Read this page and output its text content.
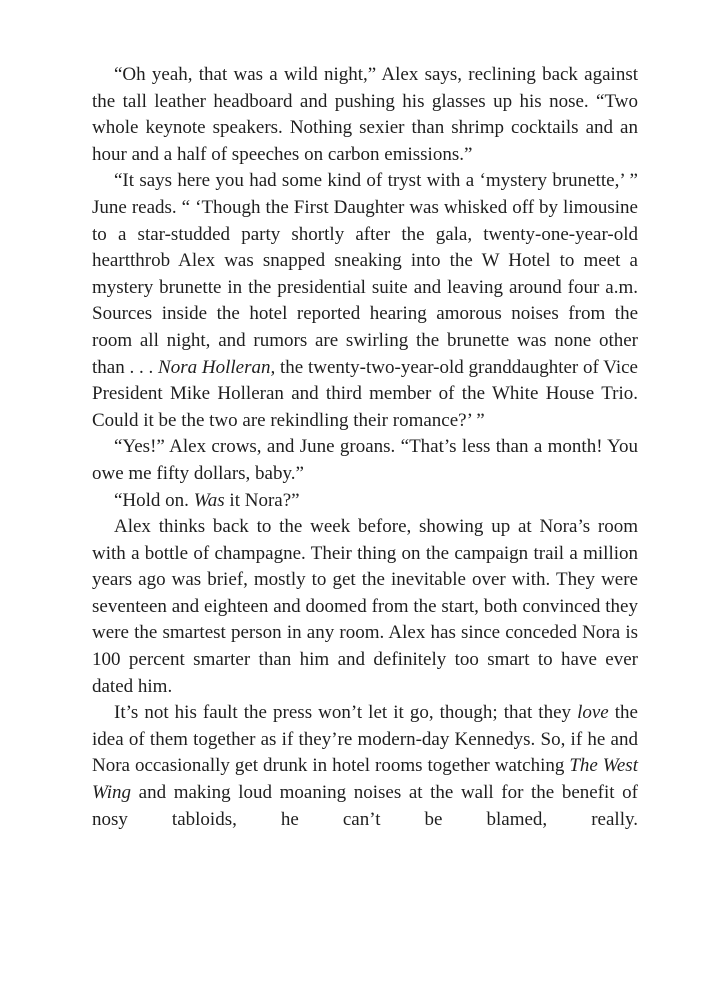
“Oh yeah, that was a wild night,” Alex says, reclining back against the tall leather headboard and pushing his glasses up his nose. “Two whole keynote speakers. Nothing sexier than shrimp cocktails and an hour and a half of speeches on carbon emissions.”

“It says here you had some kind of tryst with a ‘mystery brunette,’ ” June reads. “ ‘Though the First Daughter was whisked off by limousine to a star-studded party shortly after the gala, twenty-one-year-old heartthrob Alex was snapped sneaking into the W Hotel to meet a mystery brunette in the presidential suite and leaving around four a.m. Sources inside the hotel reported hearing amorous noises from the room all night, and rumors are swirling the brunette was none other than . . . Nora Holleran, the twenty-two-year-old granddaughter of Vice President Mike Holleran and third member of the White House Trio. Could it be the two are rekindling their romance?’ ”

“Yes!” Alex crows, and June groans. “That’s less than a month! You owe me fifty dollars, baby.”

“Hold on. Was it Nora?”

Alex thinks back to the week before, showing up at Nora’s room with a bottle of champagne. Their thing on the campaign trail a million years ago was brief, mostly to get the inevitable over with. They were seventeen and eighteen and doomed from the start, both convinced they were the smartest person in any room. Alex has since conceded Nora is 100 percent smarter than him and definitely too smart to have ever dated him.

It’s not his fault the press won’t let it go, though; that they love the idea of them together as if they’re modern-day Kennedys. So, if he and Nora occasionally get drunk in hotel rooms together watching The West Wing and making loud moaning noises at the wall for the benefit of nosy tabloids, he can’t be blamed, really.
